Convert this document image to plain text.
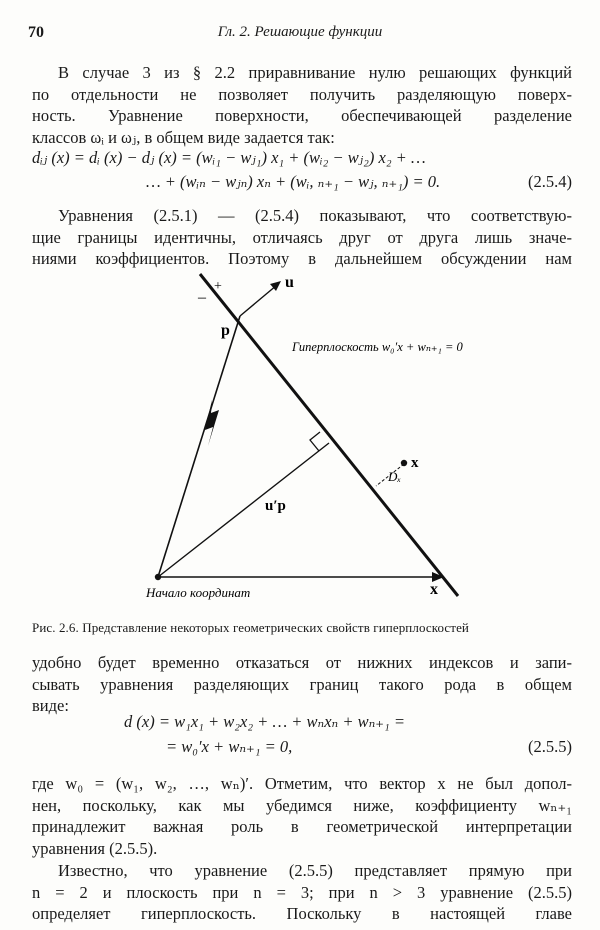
70	Гл. 2. Решающие функции
В случае 3 из § 2.2 приравнивание нулю решающих функций
по отдельности не позволяет получить разделяющую поверх-
ность. Уравнение поверхности, обеспечивающей разделение
классов ωᵢ и ωⱼ, в общем виде задается так:
dᵢⱼ (x) = dᵢ (x) − dⱼ (x) = (wᵢ₁ − wⱼ₁) x₁ + (wᵢ₂ − wⱼ₂) x₂ + …
… + (wᵢₙ − wⱼₙ) xₙ + (wᵢ, ₙ₊₁ − wⱼ, ₙ₊₁) = 0.	(2.5.4)
Уравнения (2.5.1) — (2.5.4) показывают, что соответствую-
щие границы идентичны, отличаясь друг от друга лишь значе-
ниями коэффициентов. Поэтому в дальнейшем обсуждении нам
+
–
u
p
Гиперплоскость w₀′x + wₙ₊₁ = 0
x
Dₓ
u′p
Начало координат	x
Рис. 2.6. Представление некоторых геометрических свойств гиперплоскостей
удобно будет временно отказаться от нижних индексов и запи-
сывать уравнения разделяющих границ такого рода в общем
виде:
d (x) = w₁x₁ + w₂x₂ + … + wₙxₙ + wₙ₊₁ =
= w₀′x + wₙ₊₁ = 0,	(2.5.5)
где w₀ = (w₁, w₂, …, wₙ)′. Отметим, что вектор x не был допол-
нен, поскольку, как мы убедимся ниже, коэффициенту wₙ₊₁
принадлежит важная роль в геометрической интерпретации
уравнения (2.5.5).
Известно, что уравнение (2.5.5) представляет прямую при
n = 2 и плоскость при n = 3; при n > 3 уравнение (2.5.5)
определяет гиперплоскость. Поскольку в настоящей главе
